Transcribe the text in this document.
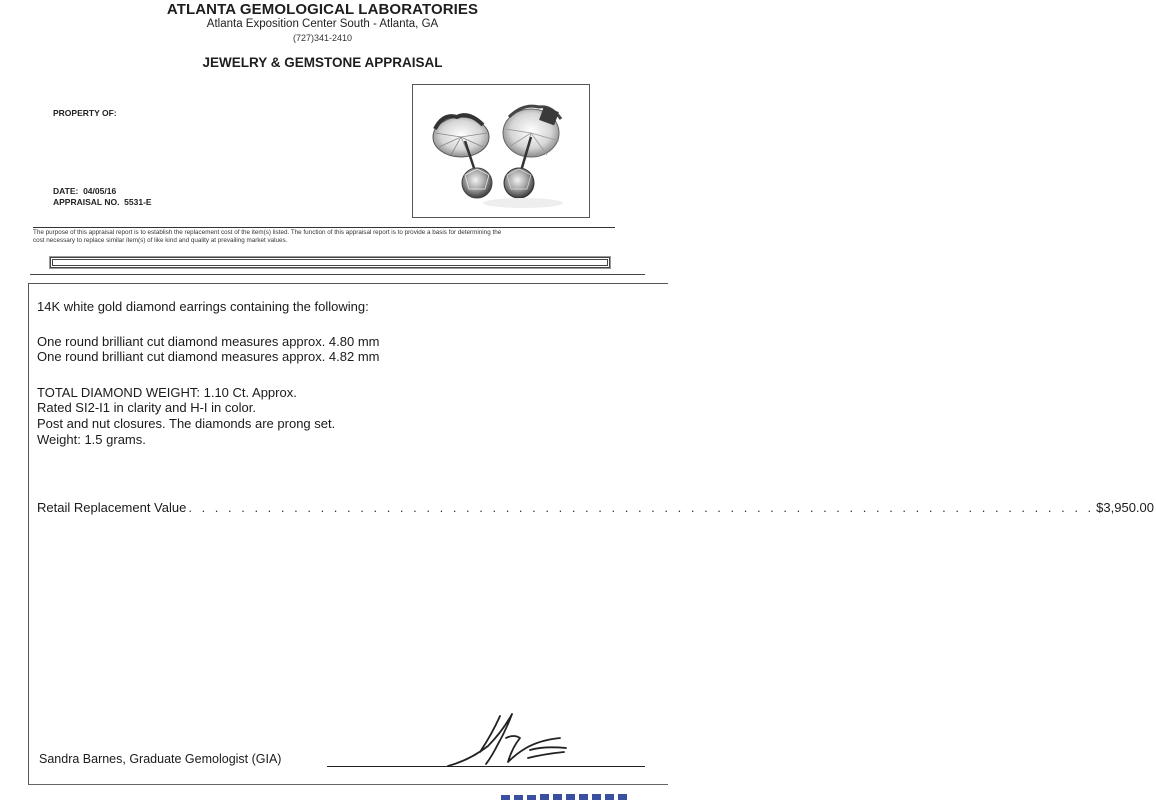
ATLANTA GEMOLOGICAL LABORATORIES
Atlanta Exposition Center South - Atlanta, GA
(727)341-2410
JEWELRY & GEMSTONE APPRAISAL
PROPERTY OF:
DATE: 04/05/16
APPRAISAL NO. 5531-E
The purpose of this appraisal report is to establish the replacement cost of the item(s) listed. The function of this appraisal report is to provide a basis for determining the
cost necessary to replace similar item(s) of like kind and quality at prevailing market values.
14K white gold diamond earrings containing the following:
One round brilliant cut diamond measures approx. 4.80 mm
One round brilliant cut diamond measures approx. 4.82 mm
TOTAL DIAMOND WEIGHT: 1.10 Ct. Approx.
Rated SI2-I1 in clarity and H-I in color.
Post and nut closures. The diamonds are prong set.
Weight: 1.5 grams.
Retail Replacement Value . . . . . . . . . . . . . . . . . . . . . . . . . . . . . . . . . . . . . . . . . . . . . . . . . . . . . . . . . . . . . . . . . . . . . $3,950.00
Sandra Barnes, Graduate Gemologist (GIA)
